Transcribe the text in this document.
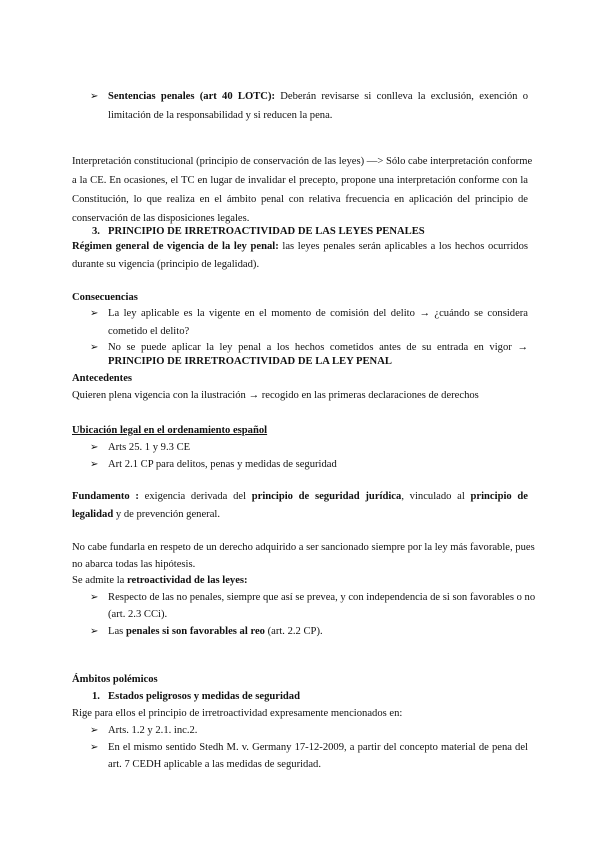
➢ Sentencias penales (art 40 LOTC): Deberán revisarse si conlleva la exclusión, exención o
limitación de la responsabilidad y si reducen la pena.
Interpretación constitucional (principio de conservación de las leyes) —> Sólo cabe interpretación conforme
a la CE. En ocasiones, el TC en lugar de invalidar el precepto, propone una interpretación conforme con la
Constitución, lo que realiza en el ámbito penal con relativa frecuencia en aplicación del principio de
conservación de las disposiciones legales.
3. PRINCIPIO DE IRRETROACTIVIDAD DE LAS LEYES PENALES
Régimen general de vigencia de la ley penal: las leyes penales serán aplicables a los hechos ocurridos
durante su vigencia (principio de legalidad).
Consecuencias
➢ La ley aplicable es la vigente en el momento de comisión del delito → ¿cuándo se considera
cometido el delito?
➢ No se puede aplicar la ley penal a los hechos cometidos antes de su entrada en vigor →
PRINCIPIO DE IRRETROACTIVIDAD DE LA LEY PENAL
Antecedentes
Quieren plena vigencia con la ilustración → recogido en las primeras declaraciones de derechos
Ubicación legal en el ordenamiento español
➢ Arts 25. 1 y 9.3 CE
➢ Art 2.1 CP para delitos, penas y medidas de seguridad
Fundamento : exigencia derivada del principio de seguridad jurídica, vinculado al principio de
legalidad y de prevención general.
No cabe fundarla en respeto de un derecho adquirido a ser sancionado siempre por la ley más favorable, pues
no abarca todas las hipótesis.
Se admite la retroactividad de las leyes:
➢ Respecto de las no penales, siempre que así se prevea, y con independencia de si son favorables o no
(art. 2.3 CCi).
➢ Las penales si son favorables al reo (art. 2.2 CP).
Ámbitos polémicos
1. Estados peligrosos y medidas de seguridad
Rige para ellos el principio de irretroactividad expresamente mencionados en:
➢ Arts. 1.2 y 2.1. inc.2.
➢ En el mismo sentido Stedh M. v. Germany 17-12-2009, a partir del concepto material de pena del
art. 7 CEDH aplicable a las medidas de seguridad.
